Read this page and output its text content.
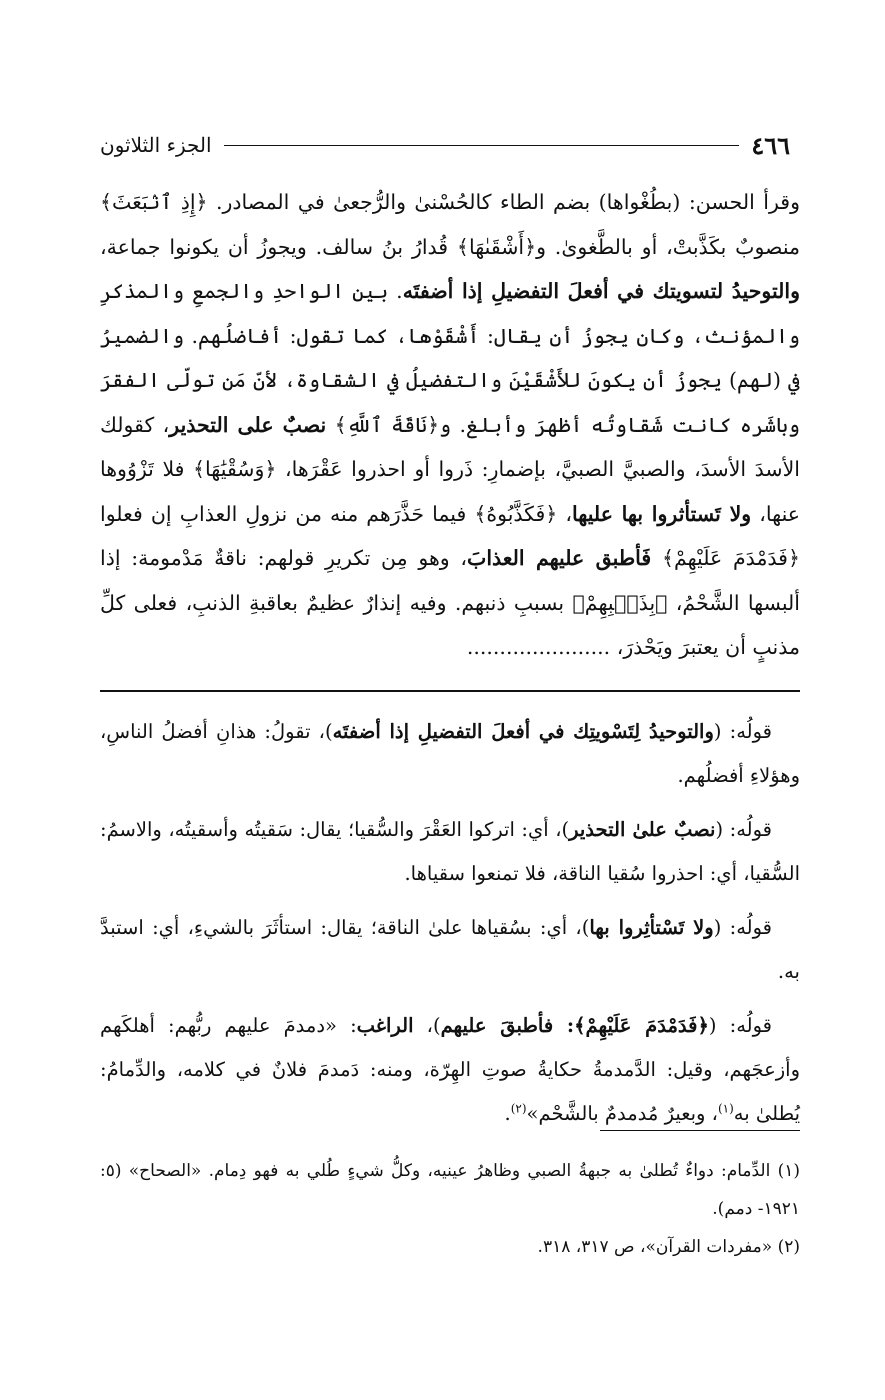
٤٦٦
الجزء الثلاثون

وقرأ الحسن: (بطُغْواها) بضم الطاء كالحُسْنىٰ والرُّجعىٰ في المصادر. ﴿إِذِ ٱنۢبَعَثَ﴾ منصوبٌ بكَذَّبتْ، أو بالطَّغوىٰ. و﴿أَشْقَىٰهَا﴾ قُدارُ بنُ سالف. ويجوزُ أن يكونوا جماعة، والتوحيدُ لتسويتك في أفعلَ التفضيلِ إذا أضفتَه. بين الواحدِ والجمعِ والمذكرِ والمؤنث، وكان يجوزُ أن يقال: أَشْقَوْها، كما تقول: أفاضلُهم. والضميرُ في (لهم) يجوزُ أن يكونَ للأَشْقَيْنَ والتفضيلُ في الشقاوة، لأنّ مَن تولّى الفقرَ وباشَره كانت شَقاوتُه أظهرَ وأبلغ. و﴿نَاقَةَ ٱللَّهِ﴾ نصبٌ على التحذير، كقولك الأسدَ الأسدَ، والصبيَّ الصبيَّ، بإضمارِ: ذَروا أو احذروا عَقْرَها، ﴿وَسُقْيَٰهَا﴾ فلا تَزْوُوها عنها، ولا تَستأثروا بها عليها، ﴿فَكَذَّبُوهُ﴾ فيما حَذَّرَهم منه من نزولِ العذابِ إن فعلوا ﴿فَدَمْدَمَ عَلَيْهِمْ﴾ فَأطبق عليهم العذابَ، وهو مِن تكريرِ قولهم: ناقةٌ مَدْمومة: إذا ألبسها الشَّحْمُ، ﴿بِذَنۢبِهِمْ﴾ بسببِ ذنبهم. وفيه إنذارٌ عظيمٌ بعاقبةِ الذنبِ، فعلى كلِّ مذنبٍ أن يعتبرَ ويَحْذرَ، ......................

قولُه: (والتوحيدُ لِتَسْويتِك في أفعلَ التفضيلِ إذا أضفتَه)، تقولُ: هذانِ أفضلُ الناسِ، وهؤلاءِ أفضلُهم.

قولُه: (نصبٌ علىٰ التحذير)، أي: اتركوا العَقْرَ والسُّقيا؛ يقال: سَقيتُه وأسقيتُه، والاسمُ: السُّقيا، أي: احذروا سُقيا الناقة، فلا تمنعوا سقياها.

قولُه: (ولا تَسْتأثِروا بها)، أي: بسُقياها علىٰ الناقة؛ يقال: استأثَرَ بالشيءِ، أي: استبدَّ به.

قولُه: (﴿فَدَمْدَمَ عَلَيْهِمْ﴾: فأطبقَ عليهم)، الراغب: «دمدمَ عليهم ربُّهم: أهلكَهم وأزعجَهم، وقيل: الدَّمدمةُ حكايةُ صوتِ الهِرّة، ومنه: دَمدمَ فلانٌ في كلامه، والدِّمامُ: يُطلىٰ به$^{(١)}$، وبعيرٌ مُدمدمٌ بالشَّحْم»$^{(٢)}$.

(١) الدِّمام: دواءٌ تُطلىٰ به جبهةُ الصبي وظاهرُ عينيه، وكلُّ شيءٍ طُلي به فهو دِمام. «الصحاح» (٥: ١٩٢١- دمم).

(٢) «مفردات القرآن»، ص ٣١٧، ٣١٨.
